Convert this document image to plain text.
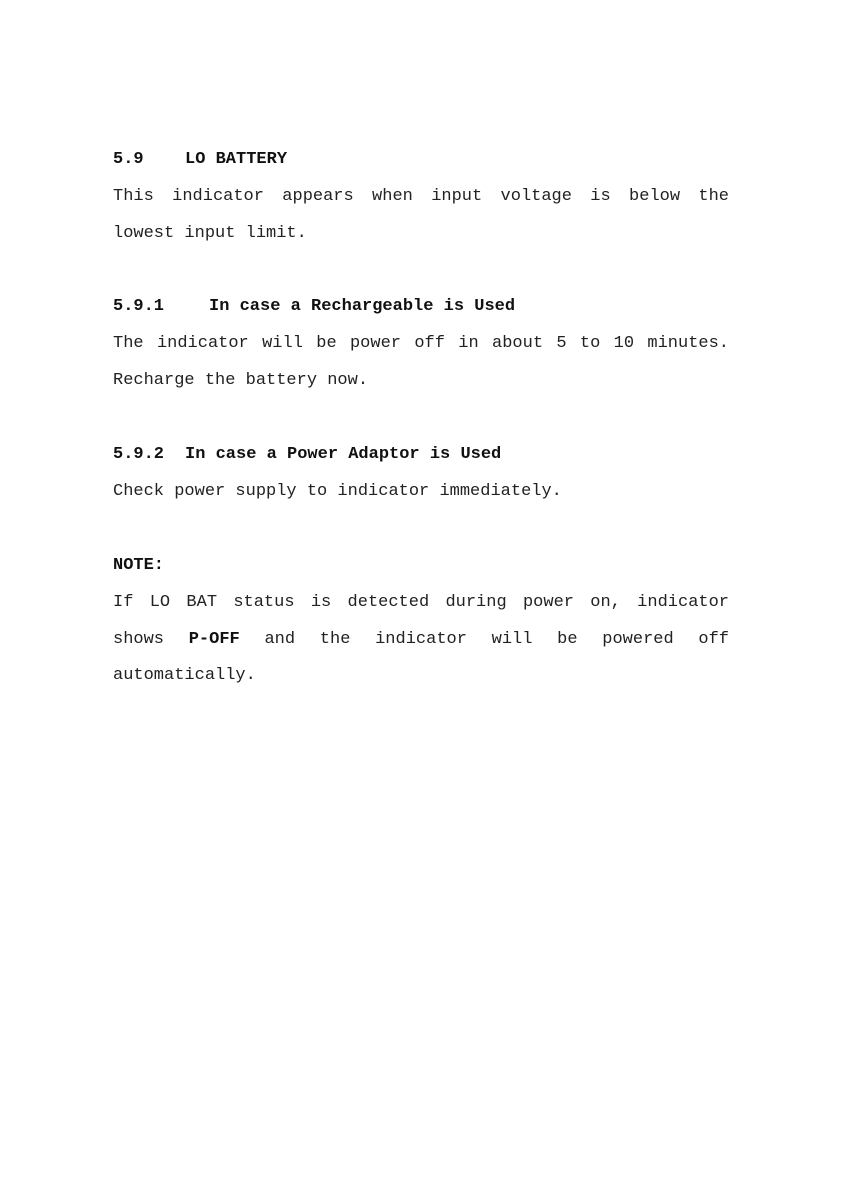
5.9 LO BATTERY
This indicator appears when input voltage is below the
lowest input limit.
5.9.1	In case a Rechargeable is Used
The indicator will be power off in about 5 to 10 minutes.
Recharge the battery now.
5.9.2 In case a Power Adaptor is Used
Check power supply to indicator immediately.
NOTE:
If LO BAT status is detected during power on, indicator
shows P-OFF and the indicator will be powered off
automatically.
